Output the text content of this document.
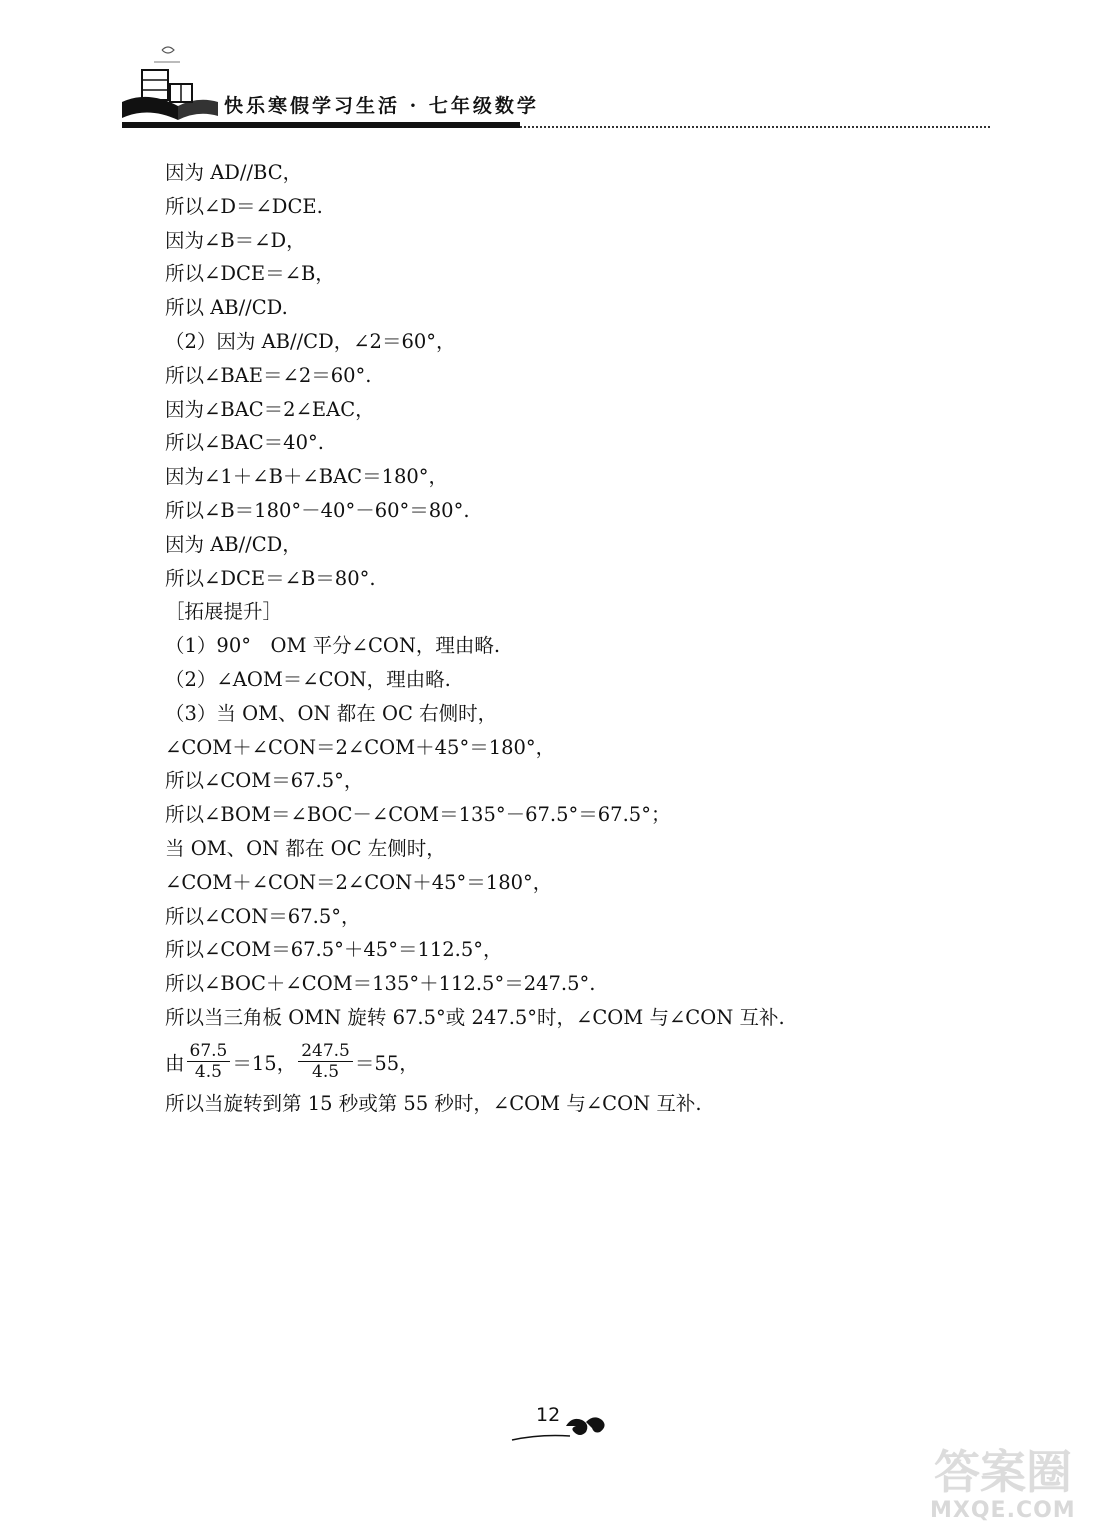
快乐寒假学习生活 · 七年级数学
因为 AD//BC，
所以∠D＝∠DCE.
因为∠B＝∠D，
所以∠DCE＝∠B，
所以 AB//CD.
（2）因为 AB//CD，∠2＝60°，
所以∠BAE＝∠2＝60°.
因为∠BAC＝2∠EAC，
所以∠BAC＝40°.
因为∠1＋∠B＋∠BAC＝180°，
所以∠B＝180°－40°－60°＝80°.
因为 AB//CD，
所以∠DCE＝∠B＝80°.
［拓展提升］
（1）90°　OM 平分∠CON，理由略.
（2）∠AOM＝∠CON，理由略.
（3）当 OM、ON 都在 OC 右侧时，
∠COM＋∠CON＝2∠COM＋45°＝180°，
所以∠COM＝67.5°，
所以∠BOM＝∠BOC－∠COM＝135°－67.5°＝67.5°；
当 OM、ON 都在 OC 左侧时，
∠COM＋∠CON＝2∠CON＋45°＝180°，
所以∠CON＝67.5°，
所以∠COM＝67.5°＋45°＝112.5°，
所以∠BOC＋∠COM＝135°＋112.5°＝247.5°.
所以当三角板 OMN 旋转 67.5°或 247.5°时，∠COM 与∠CON 互补.
由 $\frac{67.5}{4.5} =15$， $\frac{247.5}{4.5} =55$，
所以当旋转到第 15 秒或第 55 秒时，∠COM 与∠CON 互补.
12
答案圈
MXQE.COM
